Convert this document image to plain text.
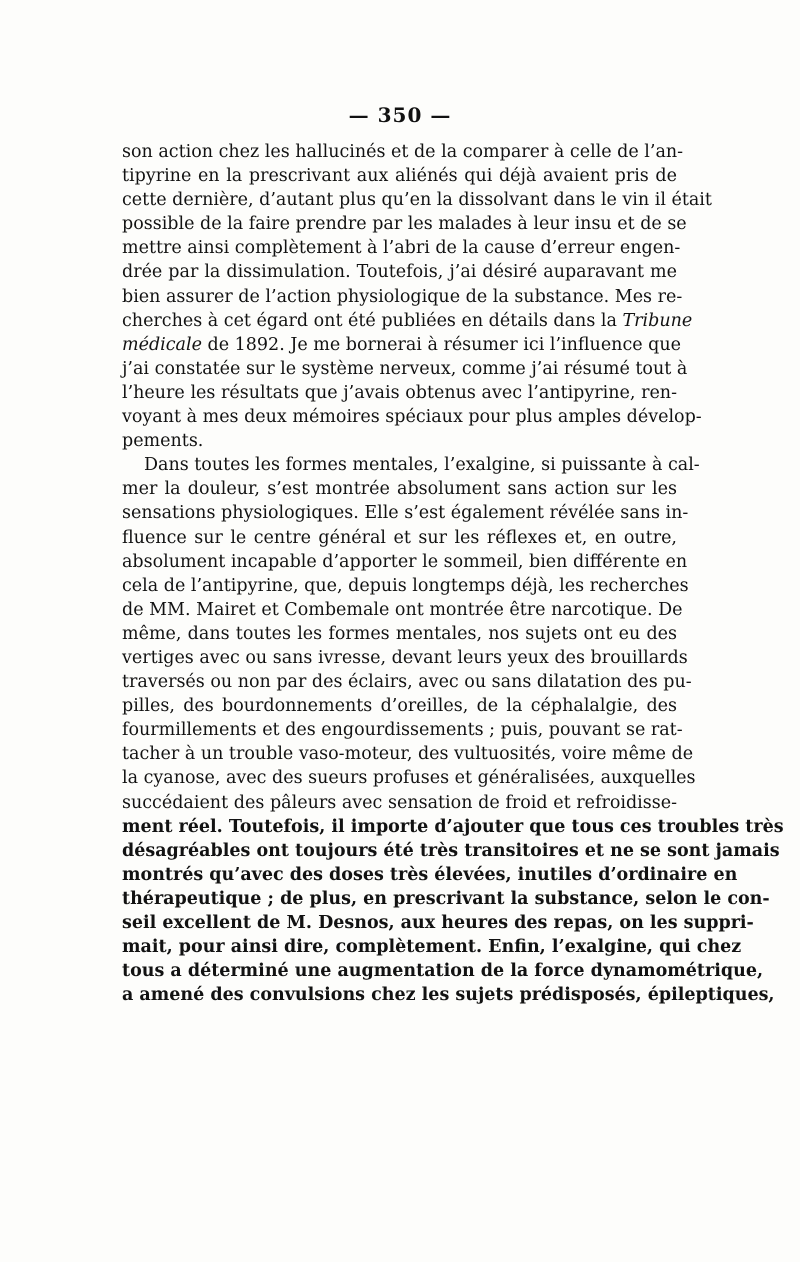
— 350 —
son action chez les hallucinés et de la comparer à celle de l’an-
tipyrine en la prescrivant aux aliénés qui déjà avaient pris de
cette dernière, d’autant plus qu’en la dissolvant dans le vin il était
possible de la faire prendre par les malades à leur insu et de se
mettre ainsi complètement à l’abri de la cause d’erreur engen-
drée par la dissimulation. Toutefois, j’ai désiré auparavant me
bien assurer de l’action physiologique de la substance. Mes re-
cherches à cet égard ont été publiées en détails dans la Tribune
médicale de 1892. Je me bornerai à résumer ici l’influence que
j’ai constatée sur le système nerveux, comme j’ai résumé tout à
l’heure les résultats que j’avais obtenus avec l’antipyrine, ren-
voyant à mes deux mémoires spéciaux pour plus amples dévelop-
pements.
Dans toutes les formes mentales, l’exalgine, si puissante à cal-
mer la douleur, s’est montrée absolument sans action sur les
sensations physiologiques. Elle s’est également révélée sans in-
fluence sur le centre général et sur les réflexes et, en outre,
absolument incapable d’apporter le sommeil, bien différente en
cela de l’antipyrine, que, depuis longtemps déjà, les recherches
de MM. Mairet et Combemale ont montrée être narcotique. De
même, dans toutes les formes mentales, nos sujets ont eu des
vertiges avec ou sans ivresse, devant leurs yeux des brouillards
traversés ou non par des éclairs, avec ou sans dilatation des pu-
pilles, des bourdonnements d’oreilles, de la céphalalgie, des
fourmillements et des engourdissements ; puis, pouvant se rat-
tacher à un trouble vaso-moteur, des vultuosités, voire même de
la cyanose, avec des sueurs profuses et généralisées, auxquelles
succédaient des pâleurs avec sensation de froid et refroidisse-
ment réel. Toutefois, il importe d’ajouter que tous ces troubles très
désagréables ont toujours été très transitoires et ne se sont jamais
montrés qu’avec des doses très élevées, inutiles d’ordinaire en
thérapeutique ; de plus, en prescrivant la substance, selon le con-
seil excellent de M. Desnos, aux heures des repas, on les suppri-
mait, pour ainsi dire, complètement. Enfin, l’exalgine, qui chez
tous a déterminé une augmentation de la force dynamométrique,
a amené des convulsions chez les sujets prédisposés, épileptiques,
